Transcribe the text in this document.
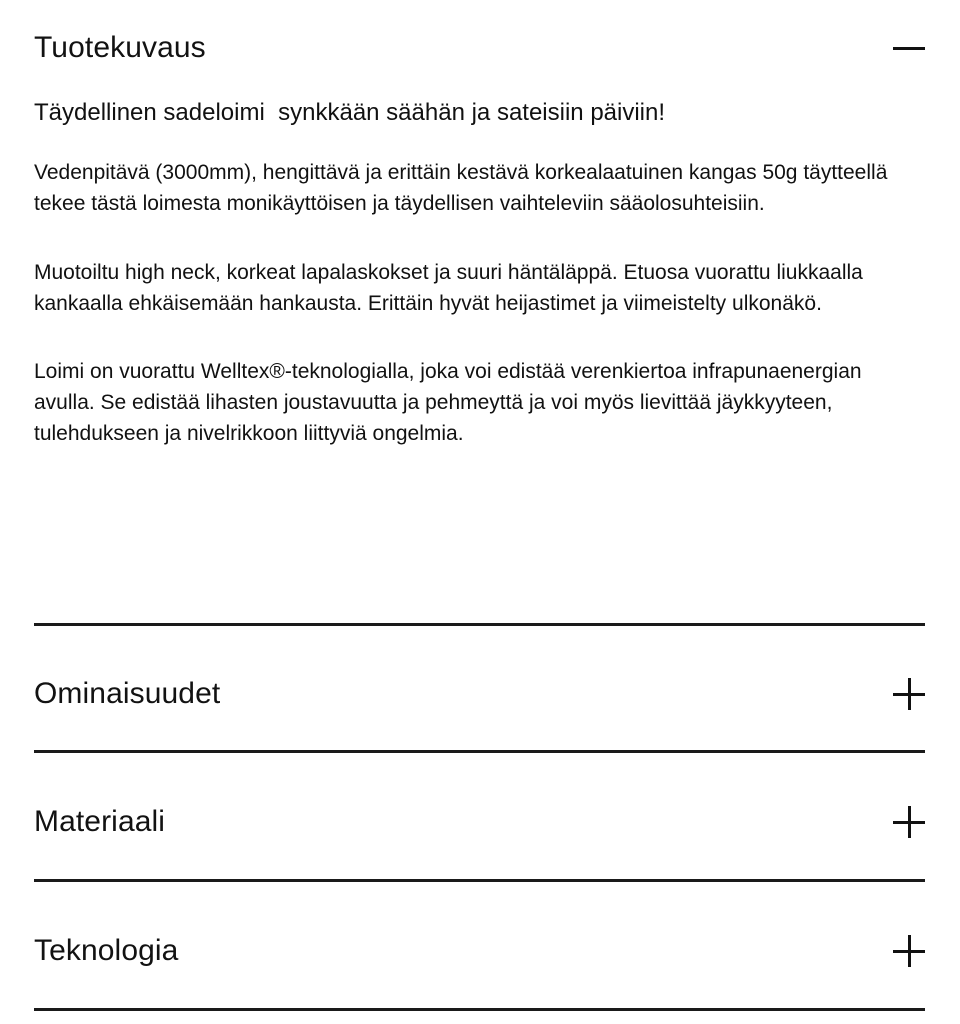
Tuotekuvaus

Täydellinen sadeloimi  synkkään säähän ja sateisiin päiviin!

Vedenpitävä (3000mm), hengittävä ja erittäin kestävä korkealaatuinen kangas 50g täytteellä tekee tästä loimesta monikäyttöisen ja täydellisen vaihteleviin sääolosuhteisiin.

Muotoiltu high neck, korkeat lapalaskokset ja suuri häntäläppä. Etuosa vuorattu liukkaalla kankaalla ehkäisemään hankausta. Erittäin hyvät heijastimet ja viimeistelty ulkonäkö.

Loimi on vuorattu Welltex®-teknologialla, joka voi edistää verenkiertoa infrapunaenergian avulla. Se edistää lihasten joustavuutta ja pehmeyttä ja voi myös lievittää jäykkyyteen, tulehdukseen ja nivelrikkoon liittyviä ongelmia.

Ominaisuudet
Materiaali
Teknologia
